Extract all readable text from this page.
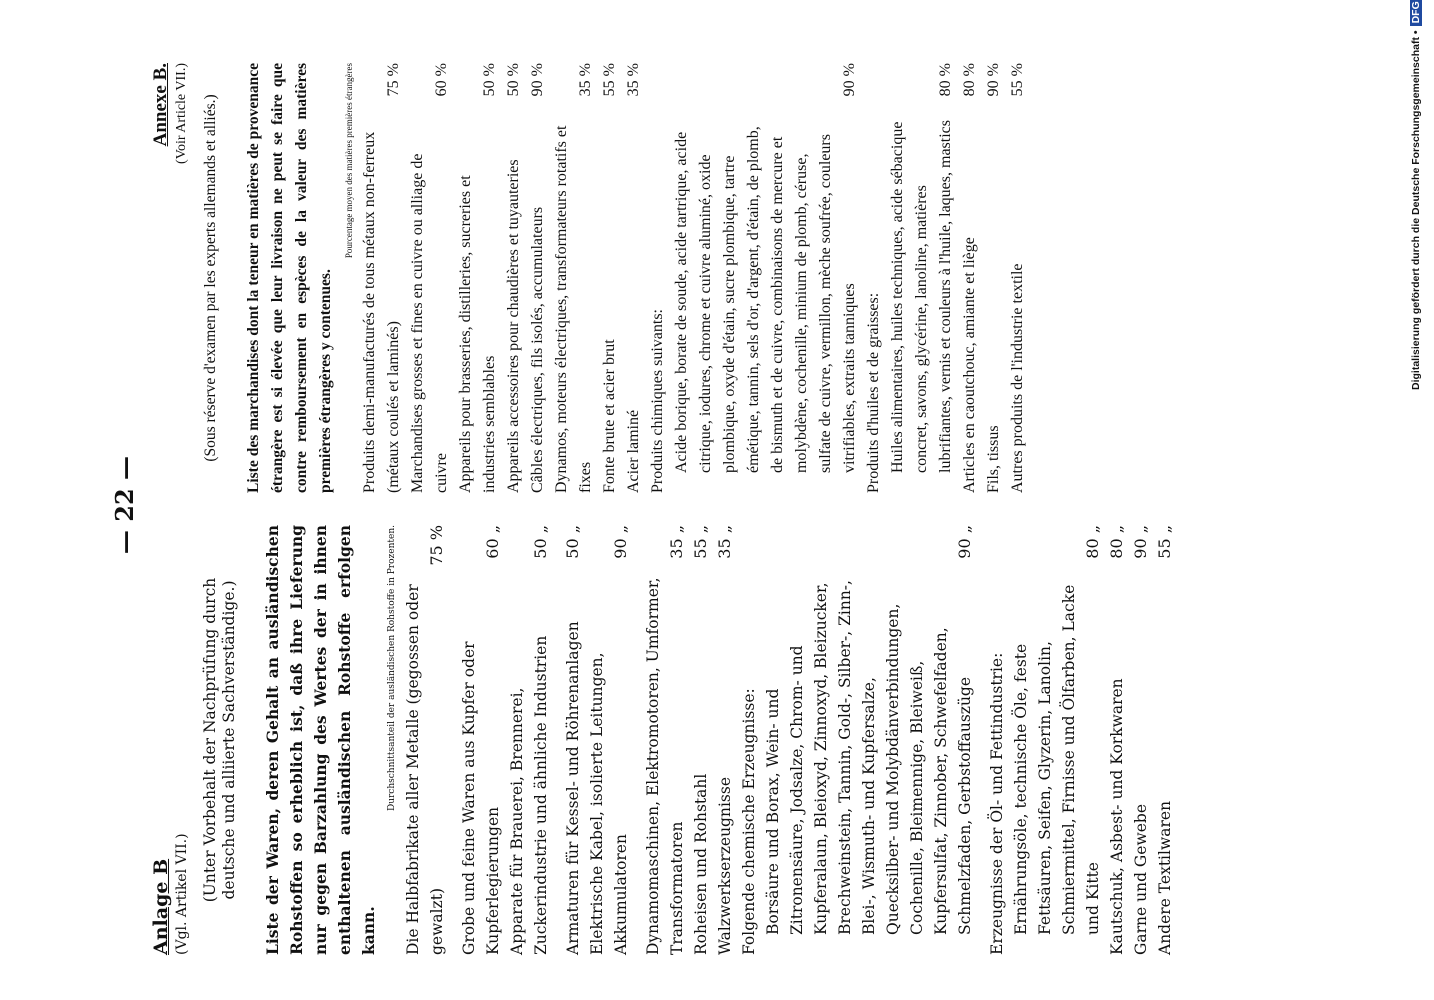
— 22 —
Anlage B (Vgl. Artikel VII.) (Unter Vorbehalt der Nachprüfung durch deutsche und alliierte Sachverständige.) Liste der Waren, deren Gehalt an ausländischen Rohstoffen so erheblich ist, daß ihre Lieferung nur gegen Barzahlung des Wertes der in ihnen enthaltenen ausländischen Rohstoffe erfolgen kann.
Durchschnittsanteil der ausländischen Rohstoffe in Prozenten. Die Halbfabrikate aller Metalle (gegossen oder gewalzt)
75 %
Grobe und feine Waren aus Kupfer oder Kupferlegierungen
60 „
Apparate für Brauerei, Brennerei, Zuckerindustrie und ähnliche Industrien
50 „
Armaturen für Kessel- und Röhrenanlagen
50 „
Elektrische Kabel, isolierte Leitungen, Akkumulatoren
90 „
Dynamomaschinen, Elektromotoren, Umformer, Transformatoren
35 „
Roheisen und Rohstahl
55 „
Walzwerkserzeugnisse
35 „
Folgende chemische Erzeugnisse: Borsäure und Borax, Wein- und Zitronensäure, Jodsalze, Chrom- und Kupferalaun, Bleioxyd, Zinnoxyd, Bleizucker, Brechweinstein, Tannin, Gold-, Silber-, Zinn-, Blei-, Wismuth- und Kupfersalze, Quecksilber- und Molybdänverbindungen, Cochenille, Bleimennige, Bleiweiß, Kupfersulfat, Zinnober, Schwefelfaden, Schmelzfaden, Gerbstoffauszüge
90 „
Erzeugnisse der Öl- und Fettindustrie: Ernährungsöle, technische Öle, feste Fettsäuren, Seifen, Glyzerin, Lanolin, Schmiermittel, Firnisse und Ölfarben, Lacke und Kitte
80 „
Kautschuk, Asbest- und Korkwaren
80 „
Garne und Gewebe
90 „
Andere Textilwaren
55 „
Annexe B. (Voir Article VII.) (Sous réserve d'examen par les experts allemands et alliés.) Liste des marchandises dont la teneur en matières de provenance étrangère est si élevée que leur livraison ne peut se faire que contre remboursement en espèces de la valeur des matières premières étrangères y contenues.
Pourcentage moyen des matières premières étrangères Produits demi-manufacturés de tous métaux non-ferreux (métaux coulés et laminés)
75 %
Marchandises grosses et fines en cuivre ou alliage de cuivre
60 %
Appareils pour brasseries, distilleries, sucreries et industries semblables
50 %
Appareils accessoires pour chaudières et tuyauteries
50 %
Câbles électriques, fils isolés, accumulateurs
90 %
Dynamos, moteurs électriques, transformateurs rotatifs et fixes
35 %
Fonte brute et acier brut
55 %
Acier laminé
35 %
Produits chimiques suivants: Acide borique, borate de soude, acide tartrique, acide citrique, iodures, chrome et cuivre aluminé, oxide plombique, oxyde d'étain, sucre plombique, tartre émétique, tannin, sels d'or, d'argent, d'étain, de plomb, de bismuth et de cuivre, combinaisons de mercure et molybdène, cochenille, minium de plomb, céruse, sulfate de cuivre, vermillon, mèche soufrée, couleurs vitrifiables, extraits tanniques
90 %
Produits d'huiles et de graisses: Huiles alimentaires, huiles techniques, acide sébacique concret, savons, glycérine, lanoline, matières lubrifiantes, vernis et couleurs à l'huile, laques, mastics
80 %
Articles en caoutchouc, amiante et liège
80 %
Fils, tissus
90 %
Autres produits de l'industrie textile
55 %	Digitalisierung gefördert durch die Deutsche Forschungsgemeinschaft •DFG
